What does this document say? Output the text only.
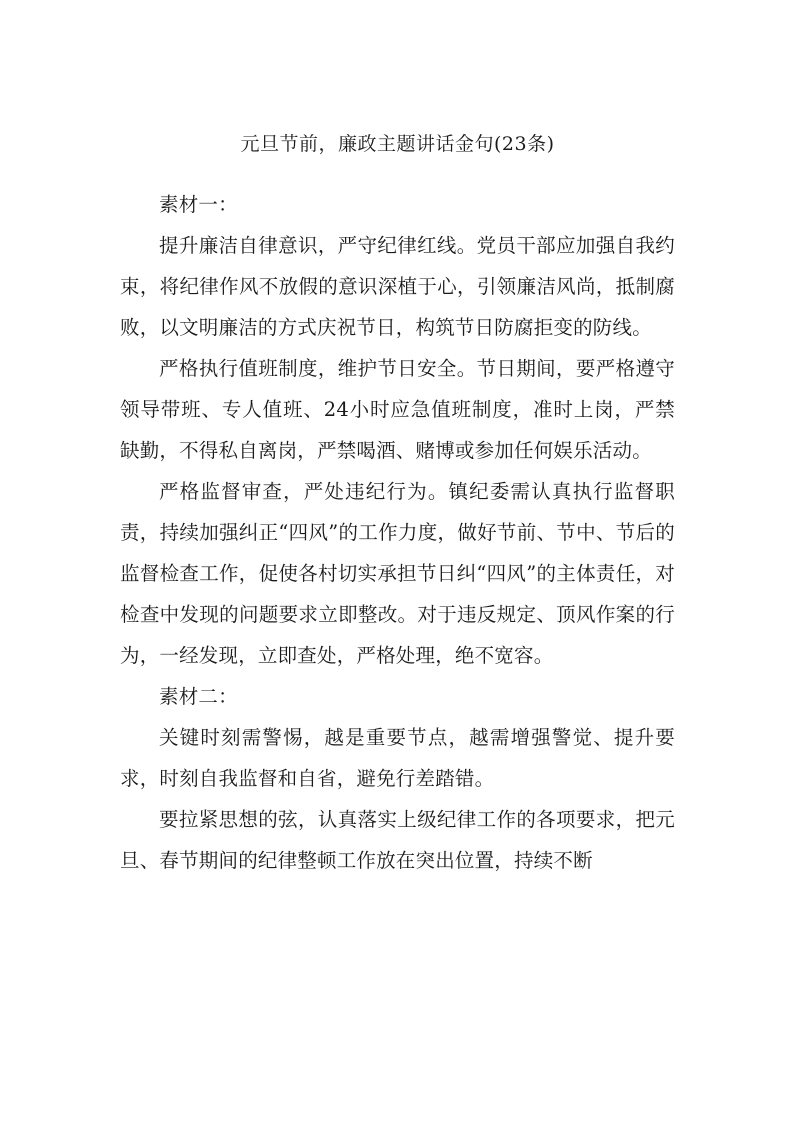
元旦节前，廉政主题讲话金句(23条)

素材一：

提升廉洁自律意识，严守纪律红线。党员干部应加强自我约束，将纪律作风不放假的意识深植于心，引领廉洁风尚，抵制腐败，以文明廉洁的方式庆祝节日，构筑节日防腐拒变的防线。

严格执行值班制度，维护节日安全。节日期间，要严格遵守领导带班、专人值班、24小时应急值班制度，准时上岗，严禁缺勤，不得私自离岗，严禁喝酒、赌博或参加任何娱乐活动。

严格监督审查，严处违纪行为。镇纪委需认真执行监督职责，持续加强纠正“四风”的工作力度，做好节前、节中、节后的监督检查工作，促使各村切实承担节日纠“四风”的主体责任，对检查中发现的问题要求立即整改。对于违反规定、顶风作案的行为，一经发现，立即查处，严格处理，绝不宽容。

素材二：

关键时刻需警惕，越是重要节点，越需增强警觉、提升要求，时刻自我监督和自省，避免行差踏错。

要拉紧思想的弦，认真落实上级纪律工作的各项要求，把元旦、春节期间的纪律整顿工作放在突出位置，持续不断
